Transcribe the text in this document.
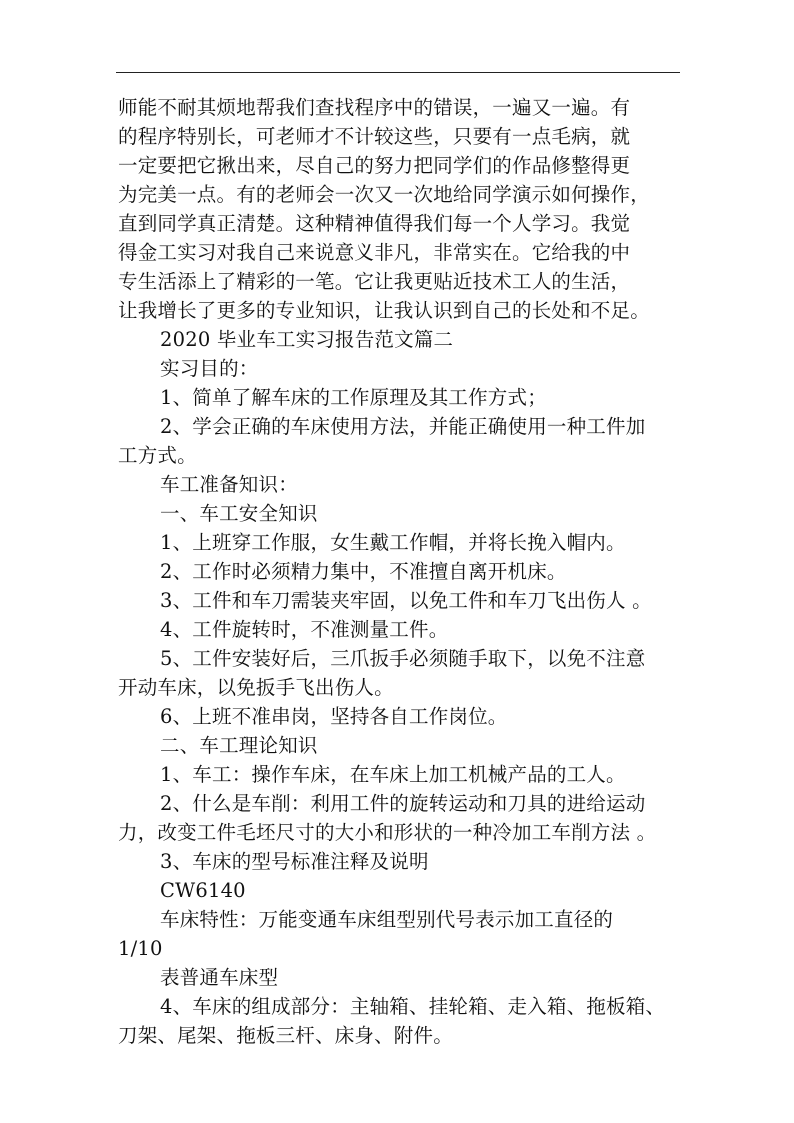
师能不耐其烦地帮我们查找程序中的错误，一遍又一遍。有
的程序特别长，可老师才不计较这些，只要有一点毛病，就
一定要把它揪出来，尽自己的努力把同学们的作品修整得更
为完美一点。有的老师会一次又一次地给同学演示如何操作，
直到同学真正清楚。这种精神值得我们每一个人学习。我觉
得金工实习对我自己来说意义非凡，非常实在。它给我的中
专生活添上了精彩的一笔。它让我更贴近技术工人的生活，
让我增长了更多的专业知识，让我认识到自己的长处和不足。
2020 毕业车工实习报告范文篇二
实习目的：
1、简单了解车床的工作原理及其工作方式；
2、学会正确的车床使用方法，并能正确使用一种工件加
工方式。
车工准备知识：
一、车工安全知识
1、上班穿工作服，女生戴工作帽，并将长挽入帽内。
2、工作时必须精力集中，不准擅自离开机床。
3、工件和车刀需装夹牢固，以免工件和车刀飞出伤人 。
4、工件旋转时，不准测量工件。
5、工件安装好后，三爪扳手必须随手取下，以免不注意
开动车床，以免扳手飞出伤人。
6、上班不准串岗，坚持各自工作岗位。
二、车工理论知识
1、车工：操作车床，在车床上加工机械产品的工人。
2、什么是车削：利用工件的旋转运动和刀具的进给运动
力，改变工件毛坯尺寸的大小和形状的一种冷加工车削方法 。
3、车床的型号标准注释及说明
CW6140
车床特性：万能变通车床组型别代号表示加工直径的
1/10
表普通车床型
4、车床的组成部分：主轴箱、挂轮箱、走入箱、拖板箱、
刀架、尾架、拖板三杆、床身、附件。
